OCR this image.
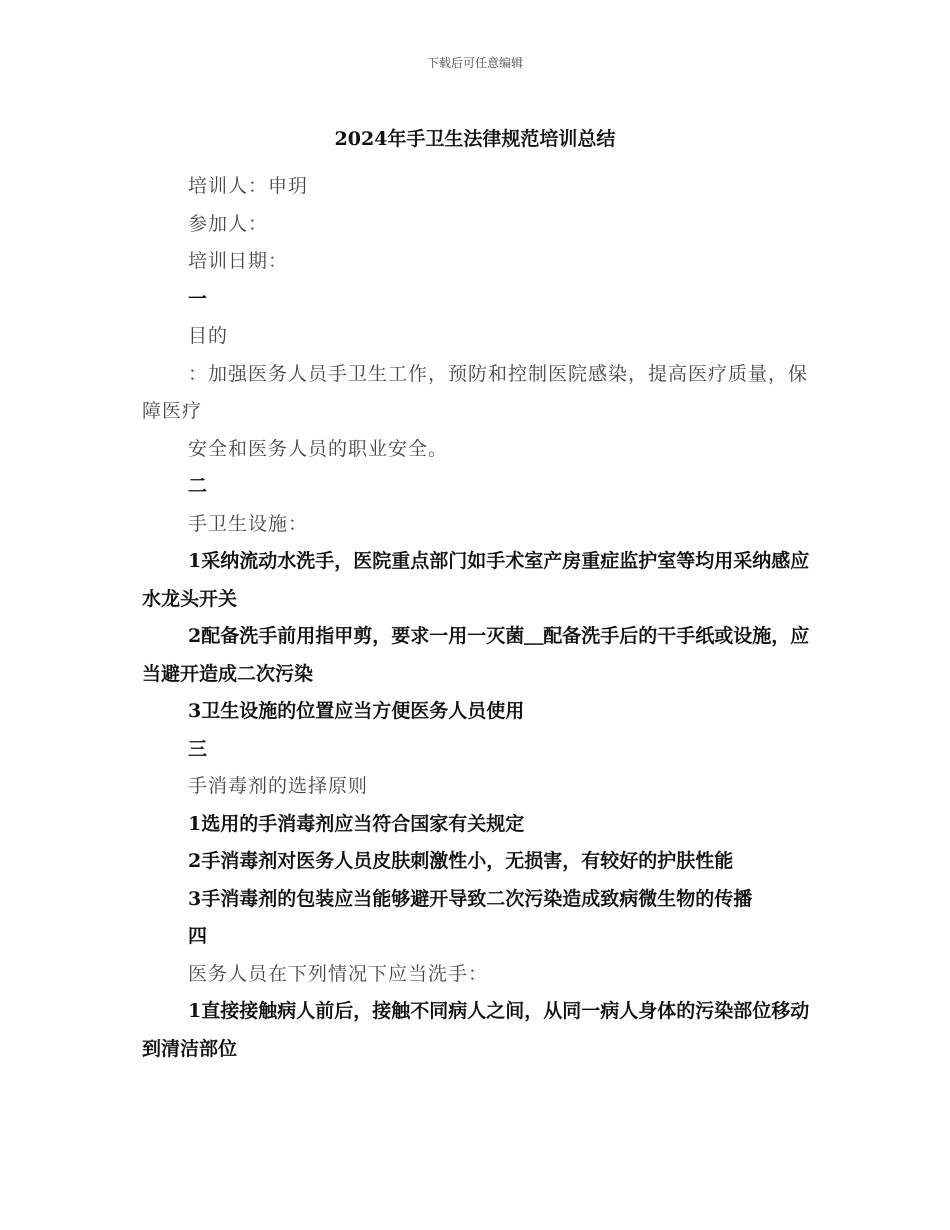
下载后可任意编辑
2024年手卫生法律规范培训总结

培训人：申玥

参加人：

培训日期：

一

目的

：加强医务人员手卫生工作，预防和控制医院感染，提高医疗质量，保障医疗

安全和医务人员的职业安全。

二

手卫生设施：

1采纳流动水洗手，医院重点部门如手术室产房重症监护室等均用采纳感应水龙头开关

2配备洗手前用指甲剪，要求一用一灭菌＿配备洗手后的干手纸或设施，应当避开造成二次污染

3卫生设施的位置应当方便医务人员使用

三

手消毒剂的选择原则

1选用的手消毒剂应当符合国家有关规定

2手消毒剂对医务人员皮肤刺激性小，无损害，有较好的护肤性能

3手消毒剂的包装应当能够避开导致二次污染造成致病微生物的传播

四

医务人员在下列情况下应当洗手：

1直接接触病人前后，接触不同病人之间，从同一病人身体的污染部位移动到清洁部位
